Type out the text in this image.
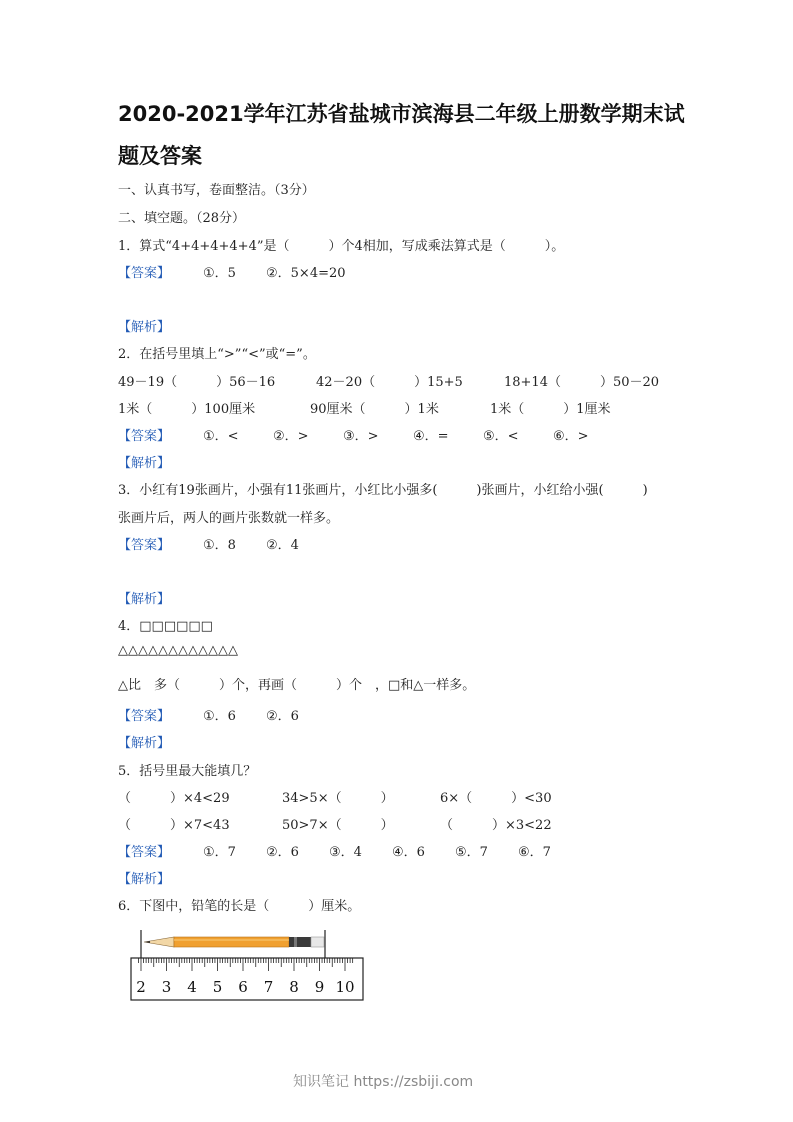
2020-2021学年江苏省盐城市滨海县二年级上册数学期末试
题及答案
一、认真书写，卷面整洁。（3分）
二、填空题。（28分）
1．算式“4+4+4+4+4”是（　　　）个4相加，写成乘法算式是（　　　）。
【答案】	①．5 ②．5×4=20
【解析】
2．在括号里填上“>”“<”或“=”。
49－19（　　　）56－16	42－20（　　　）15+5	18+14（　　　）50－20
1米（　　　）100厘米	90厘米（　　　）1米	1米（　　　）1厘米
【答案】	①．<	②．>	③．>	④．=	⑤．<	⑥．>
【解析】
3．小红有19张画片，小强有11张画片，小红比小强多(　　　)张画片，小红给小强(　　　)
张画片后，两人的画片张数就一样多。
【答案】	①．8 ②．4
【解析】
4．□□□□□□
△△△△△△△△△△△△
△比　多（　　　）个，再画（　　　）个　，□和△一样多。
【答案】	①．6 ②．6
【解析】
5．括号里最大能填几？
（　　　）×4<29	34>5×（　　　）	6×（　　　）<30
（　　　）×7<43	50>7×（　　　）	（　　　）×3<22
【答案】	①．7 ②．6 ③．4 ④．6 ⑤．7 ⑥．7
【解析】
6．下图中，铅笔的长是（　　　）厘米。
2 3 4 5 6 7 8 9 10
知识笔记 https://zsbiji.com
